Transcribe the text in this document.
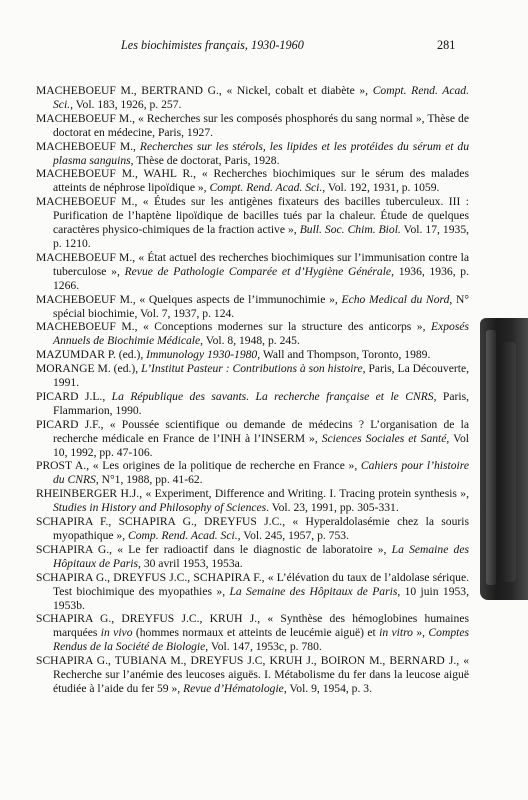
Les biochimistes français, 1930-1960	281

MACHEBOEUF M., BERTRAND G., « Nickel, cobalt et diabète », Compt. Rend. Acad. Sci., Vol. 183, 1926, p. 257.

MACHEBOEUF M., « Recherches sur les composés phosphorés du sang normal », Thèse de doctorat en médecine, Paris, 1927.

MACHEBOEUF M., Recherches sur les stérols, les lipides et les protéides du sérum et du plasma sanguins, Thèse de doctorat, Paris, 1928.

MACHEBOEUF M., WAHL R., « Recherches biochimiques sur le sérum des malades atteints de néphrose lipoïdique », Compt. Rend. Acad. Sci., Vol. 192, 1931, p. 1059.

MACHEBOEUF M., « Études sur les antigènes fixateurs des bacilles tuberculeux. III : Purification de l’haptène lipoïdique de bacilles tués par la chaleur. Étude de quelques caractères physico-chimiques de la fraction active », Bull. Soc. Chim. Biol. Vol. 17, 1935, p. 1210.

MACHEBOEUF M., « État actuel des recherches biochimiques sur l’immunisation contre la tuberculose », Revue de Pathologie Comparée et d’Hygiène Générale, 1936, 1936, p. 1266.

MACHEBOEUF M., « Quelques aspects de l’immunochimie », Echo Medical du Nord, N° spécial biochimie, Vol. 7, 1937, p. 124.

MACHEBOEUF M., « Conceptions modernes sur la structure des anticorps », Exposés Annuels de Biochimie Médicale, Vol. 8, 1948, p. 245.

MAZUMDAR P. (ed.), Immunology 1930-1980, Wall and Thompson, Toronto, 1989.

MORANGE M. (ed.), L’Institut Pasteur : Contributions à son histoire, Paris, La Découverte, 1991.

PICARD J.L., La République des savants. La recherche française et le CNRS, Paris, Flammarion, 1990.

PICARD J.F., « Poussée scientifique ou demande de médecins ? L’organisation de la recherche médicale en France de l’INH à l’INSERM », Sciences Sociales et Santé, Vol 10, 1992, pp. 47-106.

PROST A., « Les origines de la politique de recherche en France », Cahiers pour l’histoire du CNRS, N°1, 1988, pp. 41-62.

RHEINBERGER H.J., « Experiment, Difference and Writing. I. Tracing protein synthesis », Studies in History and Philosophy of Sciences. Vol. 23, 1991, pp. 305-331.

SCHAPIRA F., SCHAPIRA G., DREYFUS J.C., « Hyperaldolasémie chez la souris myopathique », Comp. Rend. Acad. Sci., Vol. 245, 1957, p. 753.

SCHAPIRA G., « Le fer radioactif dans le diagnostic de laboratoire », La Semaine des Hôpitaux de Paris, 30 avril 1953, 1953a.

SCHAPIRA G., DREYFUS J.C., SCHAPIRA F., « L’élévation du taux de l’aldolase sérique. Test biochimique des myopathies », La Semaine des Hôpitaux de Paris, 10 juin 1953, 1953b.

SCHAPIRA G., DREYFUS J.C., KRUH J., « Synthèse des hémoglobines humaines marquées in vivo (hommes normaux et atteints de leucémie aiguë) et in vitro », Comptes Rendus de la Société de Biologie, Vol. 147, 1953c, p. 780.

SCHAPIRA G., TUBIANA M., DREYFUS J.C, KRUH J., BOIRON M., BERNARD J., « Recherche sur l’anémie des leucoses aiguës. I. Métabolisme du fer dans la leucose aiguë étudiée à l’aide du fer 59 », Revue d’Hématologie, Vol. 9, 1954, p. 3.
